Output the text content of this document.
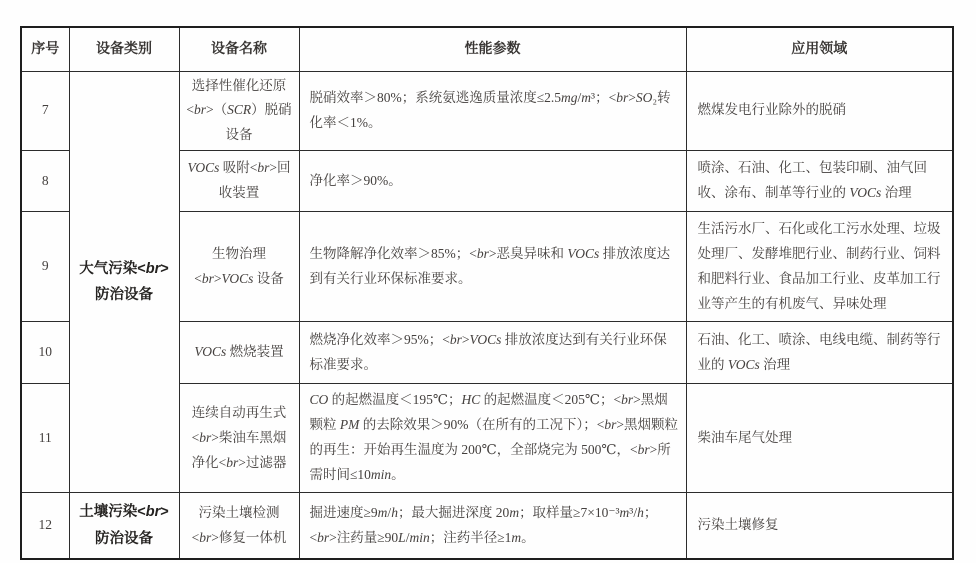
序号	设备类别	设备名称	性能参数	应用领域
7	大气污染<br>防治设备	选择性催化还原<br>（SCR）脱硝设备	脱硝效率＞80%；系统氨逃逸质量浓度≤2.5mg/m³；<br>SO₂转化率＜1%。	燃煤发电行业除外的脱硝
8		VOCs 吸附<br>回收装置	净化率＞90%。	喷涂、石油、化工、包装印刷、油气回收、涂布、制革等行业的 VOCs 治理
9		生物治理<br>VOCs 设备	生物降解净化效率＞85%；<br>恶臭异味和 VOCs 排放浓度达到有关行业环保标准要求。	生活污水厂、石化或化工污水处理、垃圾处理厂、发酵堆肥行业、制药行业、饲料和肥料行业、食品加工行业、皮革加工行业等产生的有机废气、异味处理
10		VOCs 燃烧装置	燃烧净化效率＞95%；<br>VOCs 排放浓度达到有关行业环保标准要求。	石油、化工、喷涂、电线电缆、制药等行业的 VOCs 治理
11		连续自动再生式<br>柴油车黑烟净化<br>过滤器	CO 的起燃温度＜195℃；HC 的起燃温度＜205℃；<br>黑烟颗粒 PM 的去除效果＞90%（在所有的工况下）；<br>黑烟颗粒的再生：开始再生温度为 200℃，全部烧完为 500℃，<br>所需时间≤10min。	柴油车尾气处理
12	土壤污染<br>防治设备	污染土壤检测<br>修复一体机	掘进速度≥9m/h；最大掘进深度 20m；取样量≥7×10⁻³m³/h；<br>注药量≥90L/min；注药半径≥1m。	污染土壤修复
